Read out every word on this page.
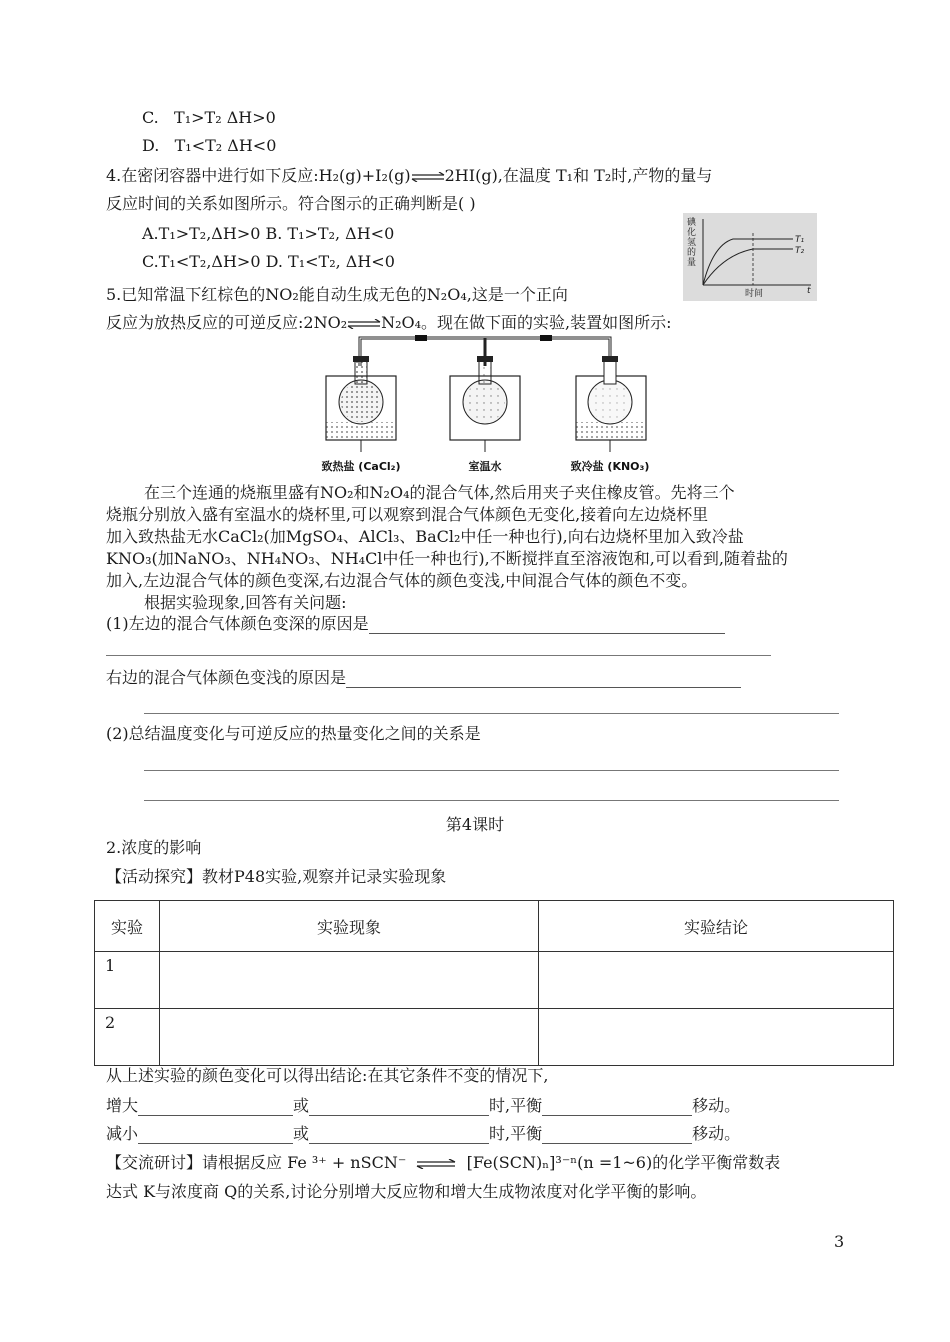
C. T₁>T₂ ΔH>0
D. T₁<T₂ ΔH<0
4.在密闭容器中进行如下反应:H₂(g)+I₂(g)⇌2HI(g),在温度 T₁和 T₂时,产物的量与
反应时间的关系如图所示。符合图示的正确判断是( )
A.T₁>T₂,ΔH>0 B. T₁>T₂, ΔH<0
C.T₁<T₂,ΔH>0 D. T₁<T₂, ΔH<0
碘
化
氢
的
量
时间	t
T₁
T₂
5.已知常温下红棕色的NO₂能自动生成无色的N₂O₄,这是一个正向
反应为放热反应的可逆反应:2NO₂⇌N₂O₄。现在做下面的实验,装置如图所示:
致热盐 (CaCl₂)	室温水	致冷盐 (KNO₃)
在三个连通的烧瓶里盛有NO₂和N₂O₄的混合气体,然后用夹子夹住橡皮管。先将三个
烧瓶分别放入盛有室温水的烧杯里,可以观察到混合气体颜色无变化,接着向左边烧杯里
加入致热盐无水CaCl₂(加MgSO₄、AlCl₃、BaCl₂中任一种也行),向右边烧杯里加入致冷盐
KNO₃(加NaNO₃、NH₄NO₃、NH₄Cl中任一种也行),不断搅拌直至溶液饱和,可以看到,随着盐的
加入,左边混合气体的颜色变深,右边混合气体的颜色变浅,中间混合气体的颜色不变。
根据实验现象,回答有关问题:
(1)左边的混合气体颜色变深的原因是
右边的混合气体颜色变浅的原因是
(2)总结温度变化与可逆反应的热量变化之间的关系是
第4课时
2.浓度的影响
【活动探究】教材P48实验,观察并记录实验现象
实验	实验现象	实验结论
1		
2		
从上述实验的颜色变化可以得出结论:在其它条件不变的情况下,
增大	或	时,平衡	移动。
减小	或	时,平衡	移动。
【交流研讨】请根据反应 Fe ³⁺ + nSCN⁻ ⇌ [Fe(SCN)ₙ]³⁻ⁿ(n =1~6)的化学平衡常数表
达式 K与浓度商 Q的关系,讨论分别增大反应物和增大生成物浓度对化学平衡的影响。
3
